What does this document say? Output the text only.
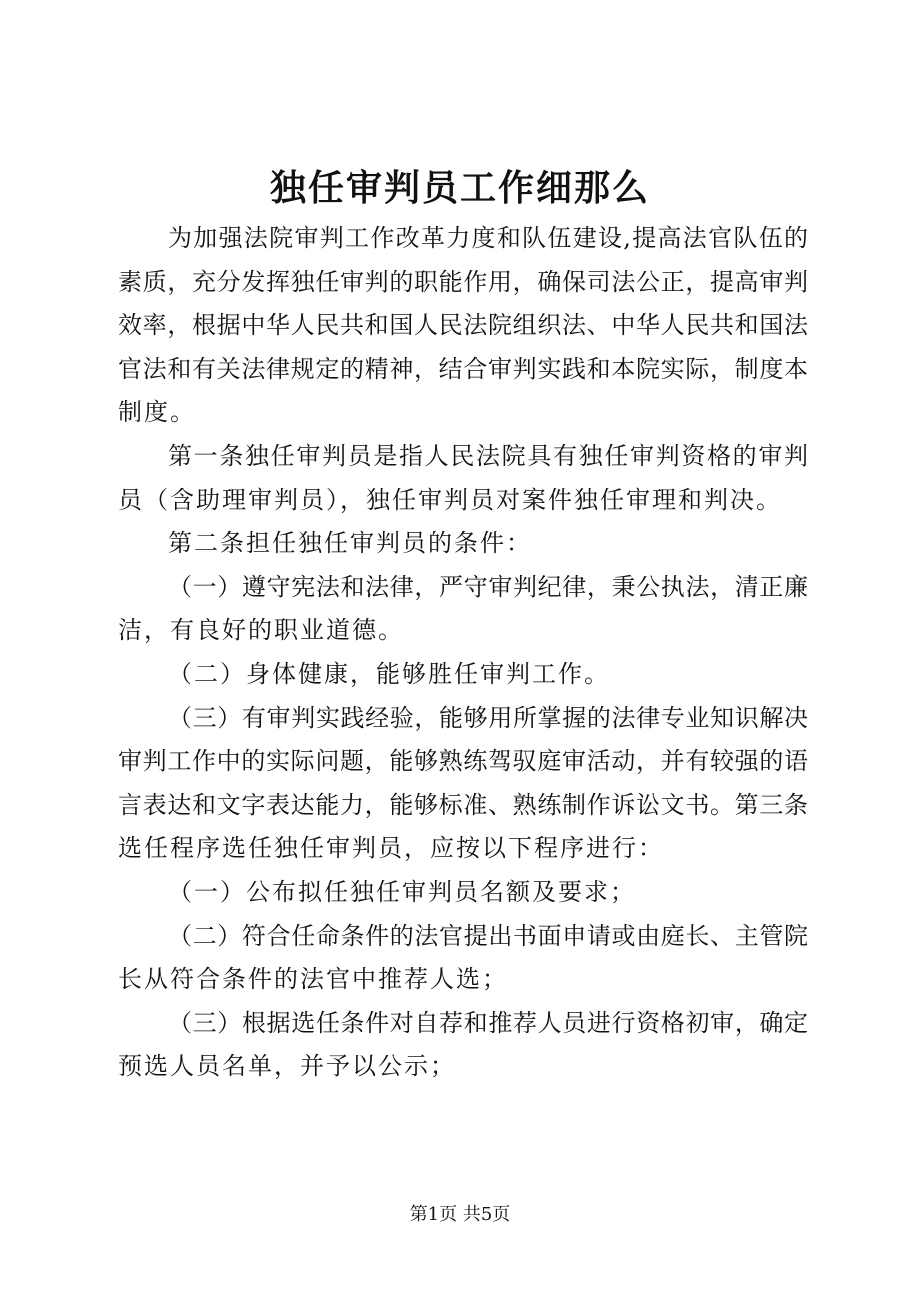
独任审判员工作细那么
为加强法院审判工作改革力度和队伍建设,提高法官队伍的
素质，充分发挥独任审判的职能作用，确保司法公正，提高审判
效率，根据中华人民共和国人民法院组织法、中华人民共和国法
官法和有关法律规定的精神，结合审判实践和本院实际，制度本
制度。
第一条独任审判员是指人民法院具有独任审判资格的审判
员（含助理审判员），独任审判员对案件独任审理和判决。
第二条担任独任审判员的条件：
（一）遵守宪法和法律，严守审判纪律，秉公执法，清正廉
洁，有良好的职业道德。
（二）身体健康，能够胜任审判工作。
（三）有审判实践经验，能够用所掌握的法律专业知识解决
审判工作中的实际问题，能够熟练驾驭庭审活动，并有较强的语
言表达和文字表达能力，能够标准、熟练制作诉讼文书。第三条
选任程序选任独任审判员，应按以下程序进行：
（一）公布拟任独任审判员名额及要求；
（二）符合任命条件的法官提出书面申请或由庭长、主管院
长从符合条件的法官中推荐人选；
（三）根据选任条件对自荐和推荐人员进行资格初审，确定
预选人员名单，并予以公示；
第1页 共5页
